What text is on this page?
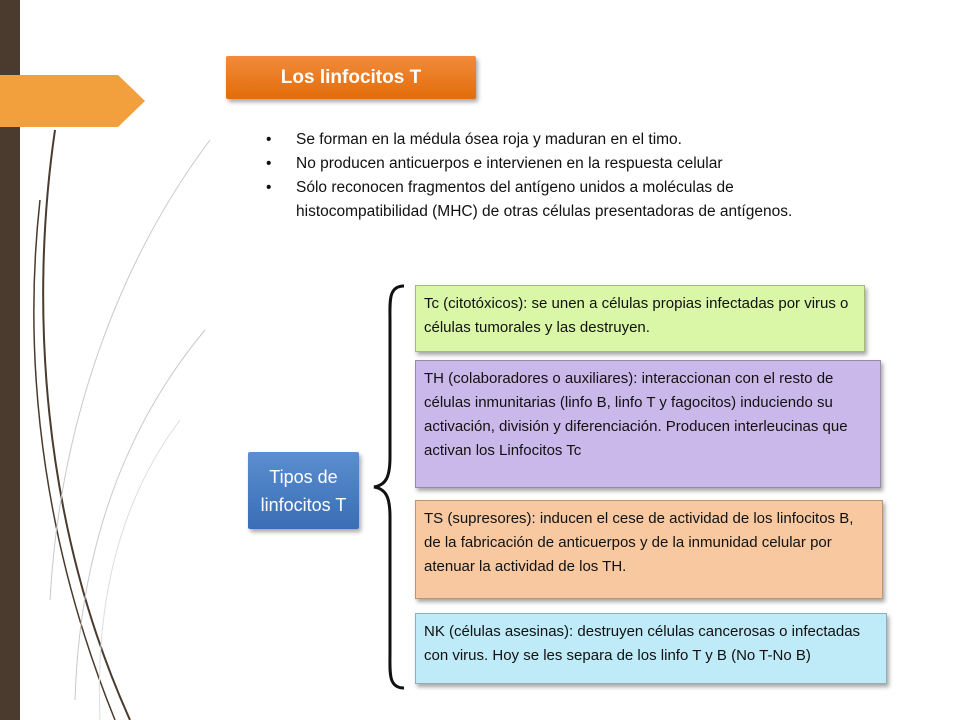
Los linfocitos T
• Se forman en la médula ósea roja y maduran en el timo.
• No producen anticuerpos e intervienen en la respuesta celular
• Sólo reconocen fragmentos del antígeno unidos a moléculas de histocompatibilidad (MHC) de otras células presentadoras de antígenos.
Tipos de
linfocitos T
Tc (citotóxicos): se unen a células propias infectadas por virus o células tumorales y las destruyen.
TH (colaboradores o auxiliares): interaccionan con el resto de células inmunitarias (linfo B, linfo T y fagocitos) induciendo su activación, división y diferenciación. Producen interleucinas que activan los Linfocitos Tc
TS (supresores): inducen el cese de actividad de los linfocitos B, de la fabricación de anticuerpos y de la inmunidad celular por atenuar la actividad de los TH.
NK (células asesinas): destruyen células cancerosas o infectadas con virus. Hoy se les separa de los linfo T y B (No T-No B)
